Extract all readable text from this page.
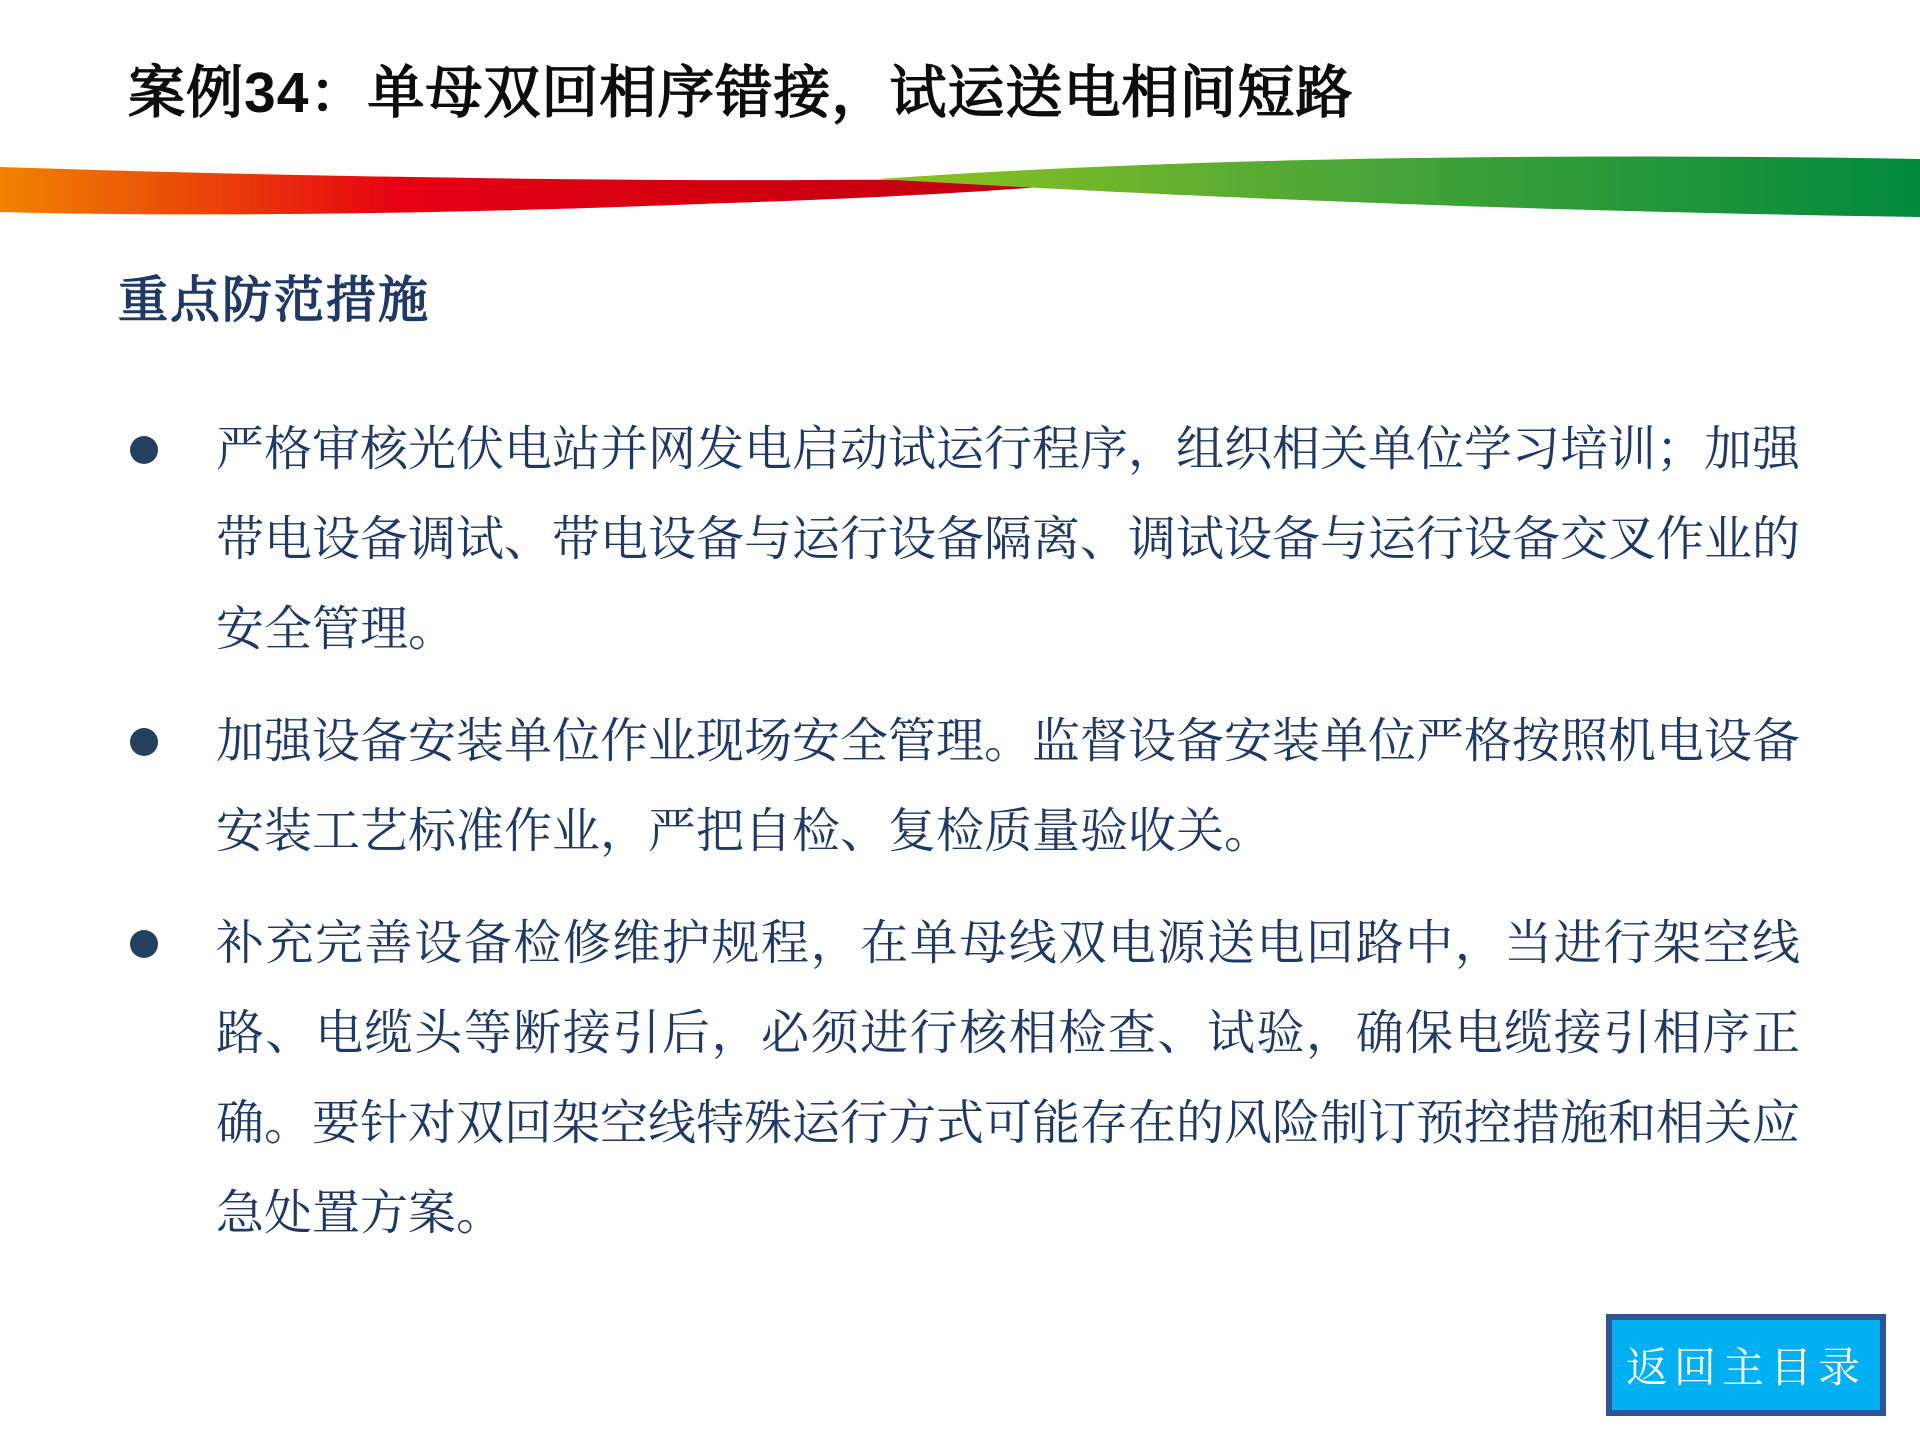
案例34：单母双回相序错接，试运送电相间短路
重点防范措施
严格审核光伏电站并网发电启动试运行程序，组织相关单位学习培训；加强带电设备调试、带电设备与运行设备隔离、调试设备与运行设备交叉作业的安全管理。
加强设备安装单位作业现场安全管理。监督设备安装单位严格按照机电设备安装工艺标准作业，严把自检、复检质量验收关。
补充完善设备检修维护规程，在单母线双电源送电回路中，当进行架空线路、电缆头等断接引后，必须进行核相检查、试验，确保电缆接引相序正确。要针对双回架空线特殊运行方式可能存在的风险制订预控措施和相关应急处置方案。
返回主目录
